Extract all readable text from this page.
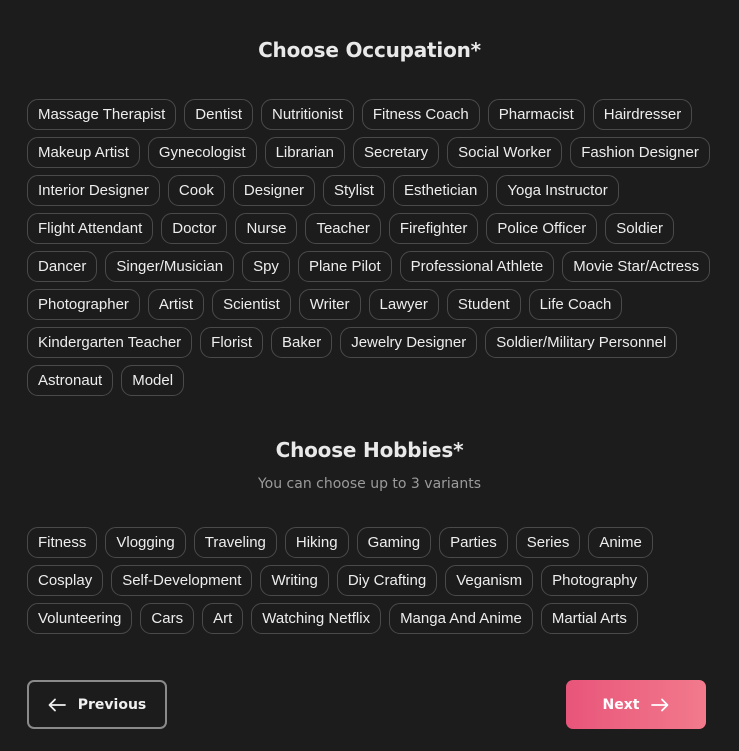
Choose Occupation*
Massage Therapist	Dentist	Nutritionist	Fitness Coach	Pharmacist	Hairdresser
Makeup Artist	Gynecologist	Librarian	Secretary	Social Worker	Fashion Designer
Interior Designer	Cook	Designer	Stylist	Esthetician	Yoga Instructor
Flight Attendant	Doctor	Nurse	Teacher	Firefighter	Police Officer	Soldier
Dancer	Singer/Musician	Spy	Plane Pilot	Professional Athlete	Movie Star/Actress
Photographer	Artist	Scientist	Writer	Lawyer	Student	Life Coach
Kindergarten Teacher	Florist	Baker	Jewelry Designer	Soldier/Military Personnel
Astronaut	Model
Choose Hobbies*

You can choose up to 3 variants

Fitness	Vlogging	Traveling	Hiking	Gaming	Parties	Series	Anime
Cosplay	Self-Development	Writing	Diy Crafting	Veganism	Photography
Volunteering	Cars	Art	Watching Netflix	Manga And Anime	Martial Arts
Previous	Next
